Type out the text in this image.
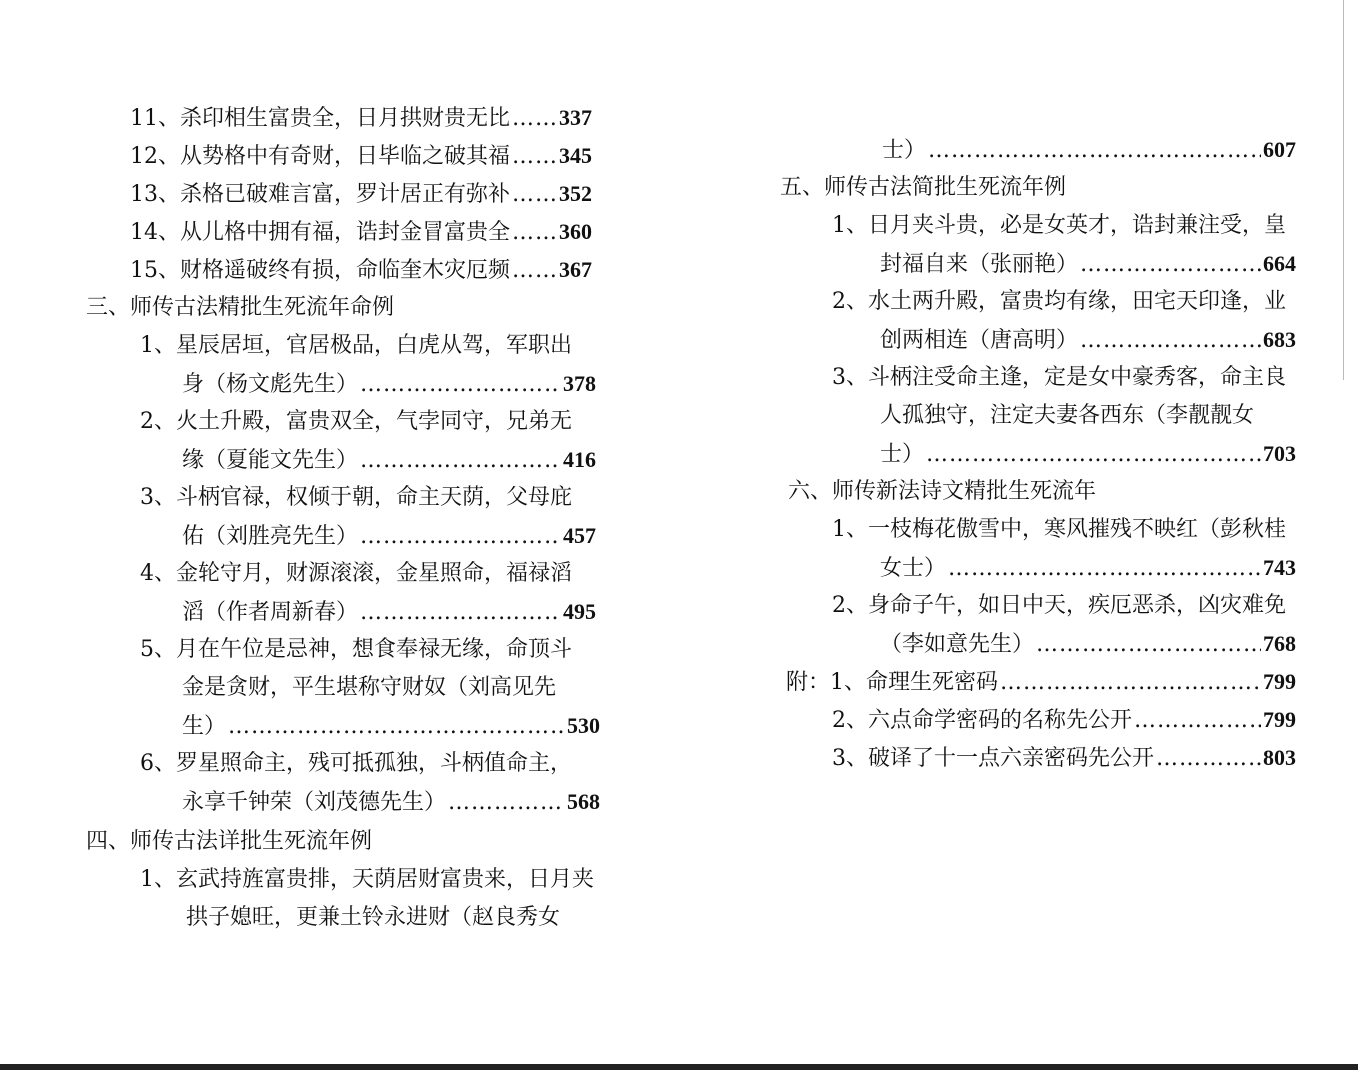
11、杀印相生富贵全，日月拱财贵无比 ………………………………………………………………………………………………………………………………… 337
12、从势格中有奇财，日毕临之破其福 ………………………………………………………………………………………………………………………………… 345
13、杀格已破难言富，罗计居正有弥补 ………………………………………………………………………………………………………………………………… 352
14、从儿格中拥有福，诰封金冒富贵全 ………………………………………………………………………………………………………………………………… 360
15、财格遥破终有损，命临奎木灾厄频 ………………………………………………………………………………………………………………………………… 367
三、师传古法精批生死流年命例
1、星辰居垣，官居极品，白虎从驾，军职出
身（杨文彪先生） …………………………………………………………………………………………………………………………………	378
2、火土升殿，富贵双全，气孛同守，兄弟无
缘（夏能文先生） …………………………………………………………………………………………………………………………………	416
3、斗柄官禄，权倾于朝，命主天荫，父母庇
佑（刘胜亮先生） …………………………………………………………………………………………………………………………………	457
4、金轮守月，财源滚滚，金星照命，福禄滔
滔（作者周新春） …………………………………………………………………………………………………………………………………	495
5、月在午位是忌神，想食奉禄无缘，命顶斗
金是贪财，平生堪称守财奴（刘高见先
生） …………………………………………………………………………………………………………………………………	530
6、罗星照命主，残可抵孤独，斗柄值命主，
永享千钟荣（刘茂德先生） …………………………………………………………………………………………………………………………………	568
四、师传古法详批生死流年例
1、玄武持旌富贵排，天荫居财富贵来，日月夹
拱子媳旺，更兼土铃永进财（赵良秀女
士） …………………………………………………………………………………………………………………………………	607
五、师传古法简批生死流年例
1、日月夹斗贵，必是女英才，诰封兼注受，皇
封福自来（张丽艳） …………………………………………………………………………………………………………………………………	664
2、水土两升殿，富贵均有缘，田宅天印逢，业
创两相连（唐高明） …………………………………………………………………………………………………………………………………	683
3、斗柄注受命主逢，定是女中豪秀客，命主良
人孤独守，注定夫妻各西东（李靓靓女
士） …………………………………………………………………………………………………………………………………	703
六、师传新法诗文精批生死流年
1、一枝梅花傲雪中，寒风摧残不映红（彭秋桂
女士） …………………………………………………………………………………………………………………………………	743
2、身命子午，如日中天，疾厄恶杀，凶灾难免
（李如意先生） …………………………………………………………………………………………………………………………………	768
附：1、命理生死密码 …………………………………………………………………………………………………………………………………	799
2、六点命学密码的名称先公开 …………………………………………………………………………………………………………………………………	799
3、破译了十一点六亲密码先公开 …………………………………………………………………………………………………………………………………	803
